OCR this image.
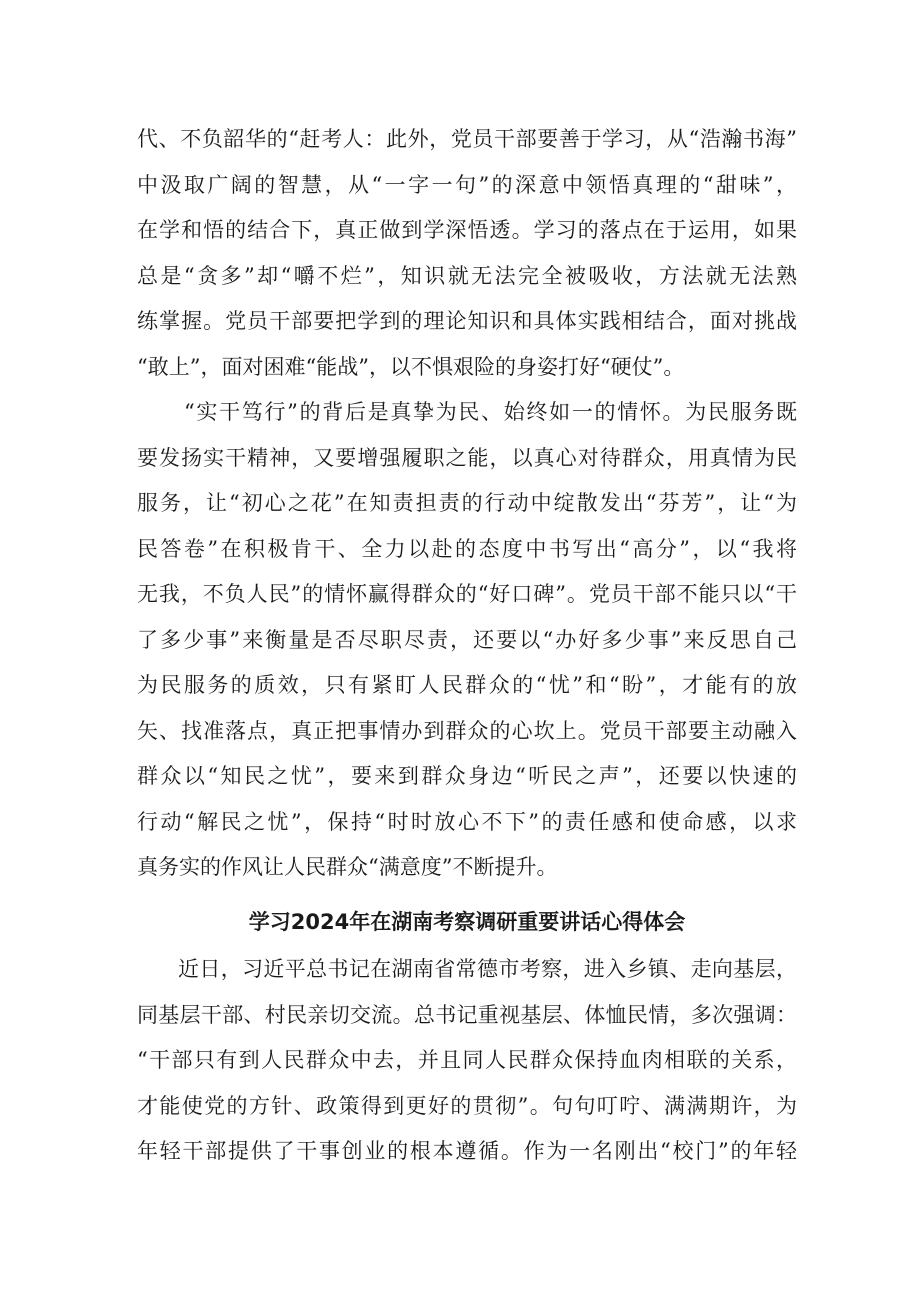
代、不负韶华的“赶考人：此外，党员干部要善于学习，从“浩瀚书海”
中汲取广阔的智慧，从“一字一句”的深意中领悟真理的“甜味”，
在学和悟的结合下，真正做到学深悟透。学习的落点在于运用，如果
总是“贪多”却“嚼不烂”，知识就无法完全被吸收，方法就无法熟
练掌握。党员干部要把学到的理论知识和具体实践相结合，面对挑战
“敢上”，面对困难“能战”，以不惧艰险的身姿打好“硬仗”。
“实干笃行”的背后是真挚为民、始终如一的情怀。为民服务既
要发扬实干精神，又要增强履职之能，以真心对待群众，用真情为民
服务，让“初心之花”在知责担责的行动中绽散发出“芬芳”，让“为
民答卷”在积极肯干、全力以赴的态度中书写出“高分”，以“我将
无我，不负人民”的情怀赢得群众的“好口碑”。党员干部不能只以“干
了多少事”来衡量是否尽职尽责，还要以“办好多少事”来反思自己
为民服务的质效，只有紧盯人民群众的“忧”和“盼”，才能有的放
矢、找准落点，真正把事情办到群众的心坎上。党员干部要主动融入
群众以“知民之忧”，要来到群众身边“听民之声”，还要以快速的
行动“解民之忧”，保持“时时放心不下”的责任感和使命感，以求
真务实的作风让人民群众“满意度”不断提升。
学习2024年在湖南考察调研重要讲话心得体会
近日，习近平总书记在湖南省常德市考察，进入乡镇、走向基层，
同基层干部、村民亲切交流。总书记重视基层、体恤民情，多次强调：
“干部只有到人民群众中去，并且同人民群众保持血肉相联的关系，
才能使党的方针、政策得到更好的贯彻”。句句叮咛、满满期许，为
年轻干部提供了干事创业的根本遵循。作为一名刚出“校门”的年轻
